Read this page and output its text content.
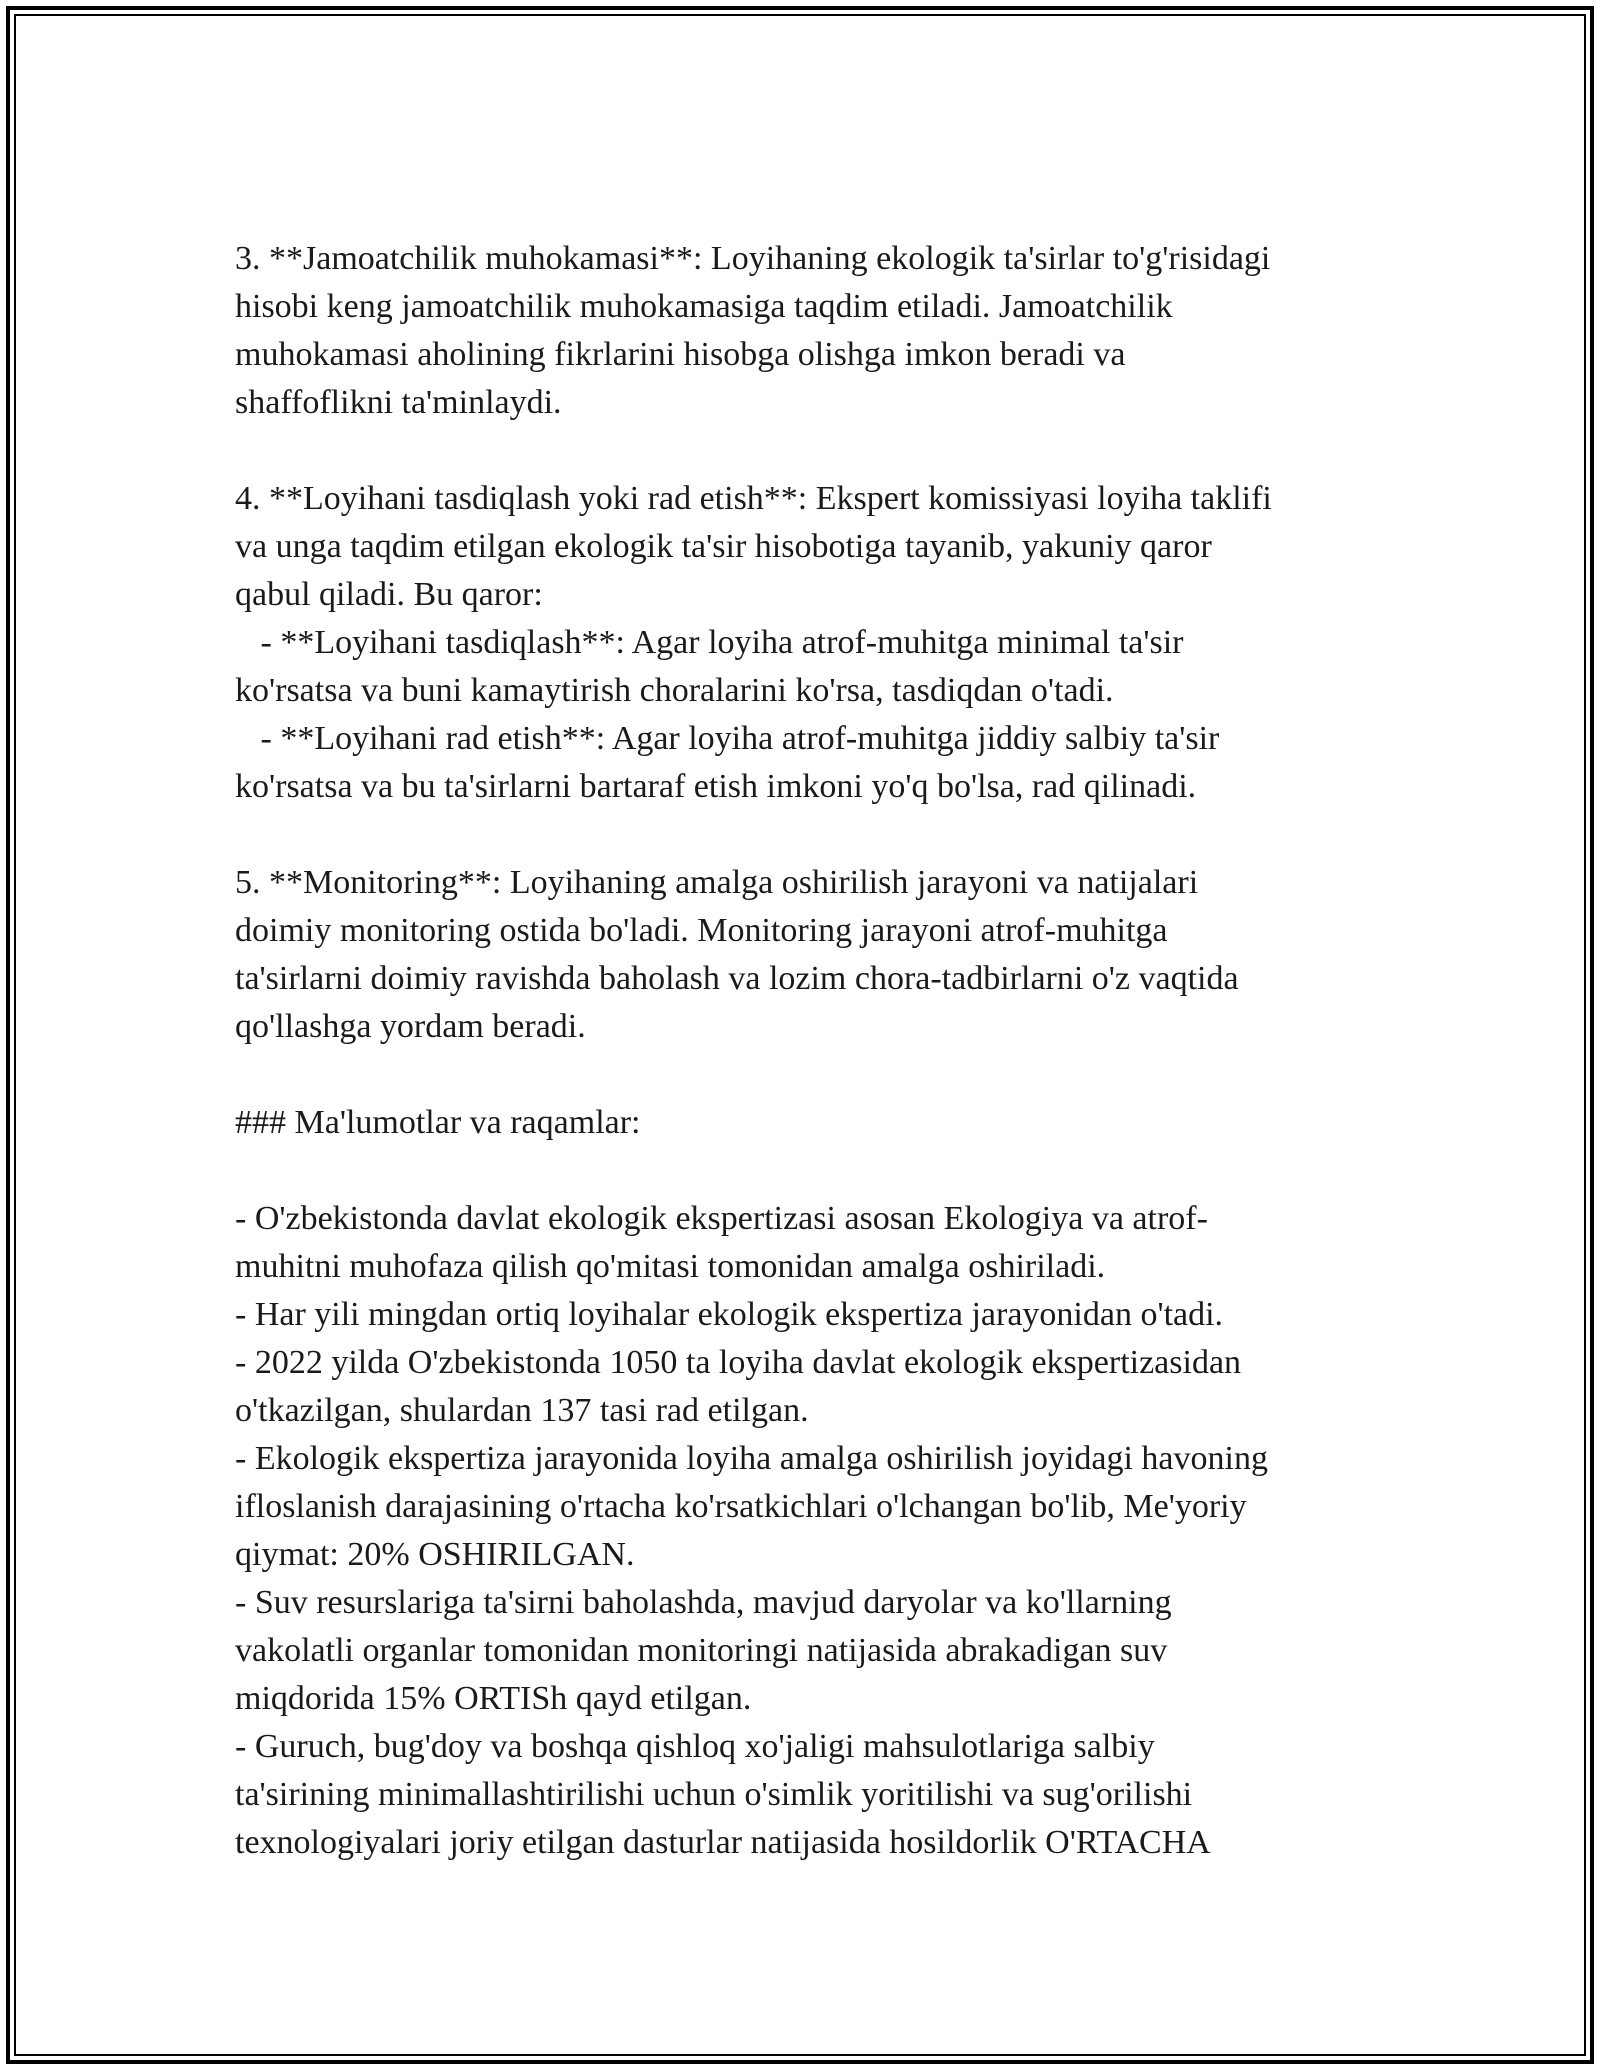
3. **Jamoatchilik muhokamasi**: Loyihaning ekologik ta'sirlar to'g'risidagi
hisobi keng jamoatchilik muhokamasiga taqdim etiladi. Jamoatchilik
muhokamasi aholining fikrlarini hisobga olishga imkon beradi va
shaffoflikni ta'minlaydi.
4. **Loyihani tasdiqlash yoki rad etish**: Ekspert komissiyasi loyiha taklifi
va unga taqdim etilgan ekologik ta'sir hisobotiga tayanib, yakuniy qaror
qabul qiladi. Bu qaror:
- **Loyihani tasdiqlash**: Agar loyiha atrof-muhitga minimal ta'sir
ko'rsatsa va buni kamaytirish choralarini ko'rsa, tasdiqdan o'tadi.
- **Loyihani rad etish**: Agar loyiha atrof-muhitga jiddiy salbiy ta'sir
ko'rsatsa va bu ta'sirlarni bartaraf etish imkoni yo'q bo'lsa, rad qilinadi.
5. **Monitoring**: Loyihaning amalga oshirilish jarayoni va natijalari
doimiy monitoring ostida bo'ladi. Monitoring jarayoni atrof-muhitga
ta'sirlarni doimiy ravishda baholash va lozim chora-tadbirlarni o'z vaqtida
qo'llashga yordam beradi.
### Ma'lumotlar va raqamlar:
- O'zbekistonda davlat ekologik ekspertizasi asosan Ekologiya va atrof-
muhitni muhofaza qilish qo'mitasi tomonidan amalga oshiriladi.
- Har yili mingdan ortiq loyihalar ekologik ekspertiza jarayonidan o'tadi.
- 2022 yilda O'zbekistonda 1050 ta loyiha davlat ekologik ekspertizasidan
o'tkazilgan, shulardan 137 tasi rad etilgan.
- Ekologik ekspertiza jarayonida loyiha amalga oshirilish joyidagi havoning
ifloslanish darajasining o'rtacha ko'rsatkichlari o'lchangan bo'lib, Me'yoriy
qiymat: 20% OSHIRILGAN.
- Suv resurslariga ta'sirni baholashda, mavjud daryolar va ko'llarning
vakolatli organlar tomonidan monitoringi natijasida abrakadigan suv
miqdorida 15% ORTISh qayd etilgan.
- Guruch, bug'doy va boshqa qishloq xo'jaligi mahsulotlariga salbiy
ta'sirining minimallashtirilishi uchun o'simlik yoritilishi va sug'orilishi
texnologiyalari joriy etilgan dasturlar natijasida hosildorlik O'RTACHA
